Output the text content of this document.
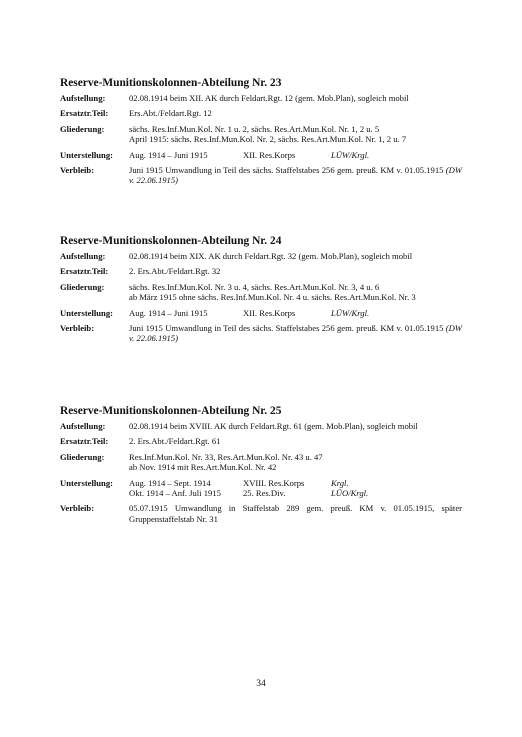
Reserve-Munitionskolonnen-Abteilung Nr. 23
Aufstellung:	02.08.1914 beim XII. AK durch Feldart.Rgt. 12 (gem. Mob.Plan), sogleich mobil
Ersatztr.Teil:	Ers.Abt./Feldart.Rgt. 12
Gliederung:	sächs. Res.Inf.Mun.Kol. Nr. 1 u. 2, sächs. Res.Art.Mun.Kol. Nr. 1, 2 u. 5
April 1915: sächs. Res.Inf.Mun.Kol. Nr. 2, sächs. Res.Art.Mun.Kol. Nr. 1, 2 u. 7
Unterstellung:	Aug. 1914 – Juni 1915	XII. Res.Korps	LÜW/Krgl.
Verbleib:	Juni 1915 Umwandlung in Teil des sächs. Staffelstabes 256 gem. preuß. KM v. 01.05.1915 (DW v. 22.06.1915)
Reserve-Munitionskolonnen-Abteilung Nr. 24
Aufstellung:	02.08.1914 beim XIX. AK durch Feldart.Rgt. 32 (gem. Mob.Plan), sogleich mobil
Ersatztr.Teil:	2. Ers.Abt./Feldart.Rgt. 32
Gliederung:	sächs. Res.Inf.Mun.Kol. Nr. 3 u. 4, sächs. Res.Art.Mun.Kol. Nr. 3, 4 u. 6
ab März 1915 ohne sächs. Res.Inf.Mun.Kol. Nr. 4 u. sächs. Res.Art.Mun.Kol. Nr. 3
Unterstellung:	Aug. 1914 – Juni 1915	XII. Res.Korps	LÜW/Krgl.
Verbleib:	Juni 1915 Umwandlung in Teil des sächs. Staffelstabes 256 gem. preuß. KM v. 01.05.1915 (DW v. 22.06.1915)
Reserve-Munitionskolonnen-Abteilung Nr. 25
Aufstellung:	02.08.1914 beim XVIII. AK durch Feldart.Rgt. 61 (gem. Mob.Plan), sogleich mobil
Ersatztr.Teil:	2. Ers.Abt./Feldart.Rgt. 61
Gliederung:	Res.Inf.Mun.Kol. Nr. 33, Res.Art.Mun.Kol. Nr. 43 u. 47
ab Nov. 1914 mit Res.Art.Mun.Kol. Nr. 42
Unterstellung:	Aug. 1914 – Sept. 1914	XVIII. Res.Korps	Krgl.
Okt. 1914 – Anf. Juli 1915	25. Res.Div.	LÜO/Krgl.
Verbleib:	05.07.1915 Umwandlung in Staffelstab 289 gem. preuß. KM v. 01.05.1915, später Gruppenstaffelstab Nr. 31
34
